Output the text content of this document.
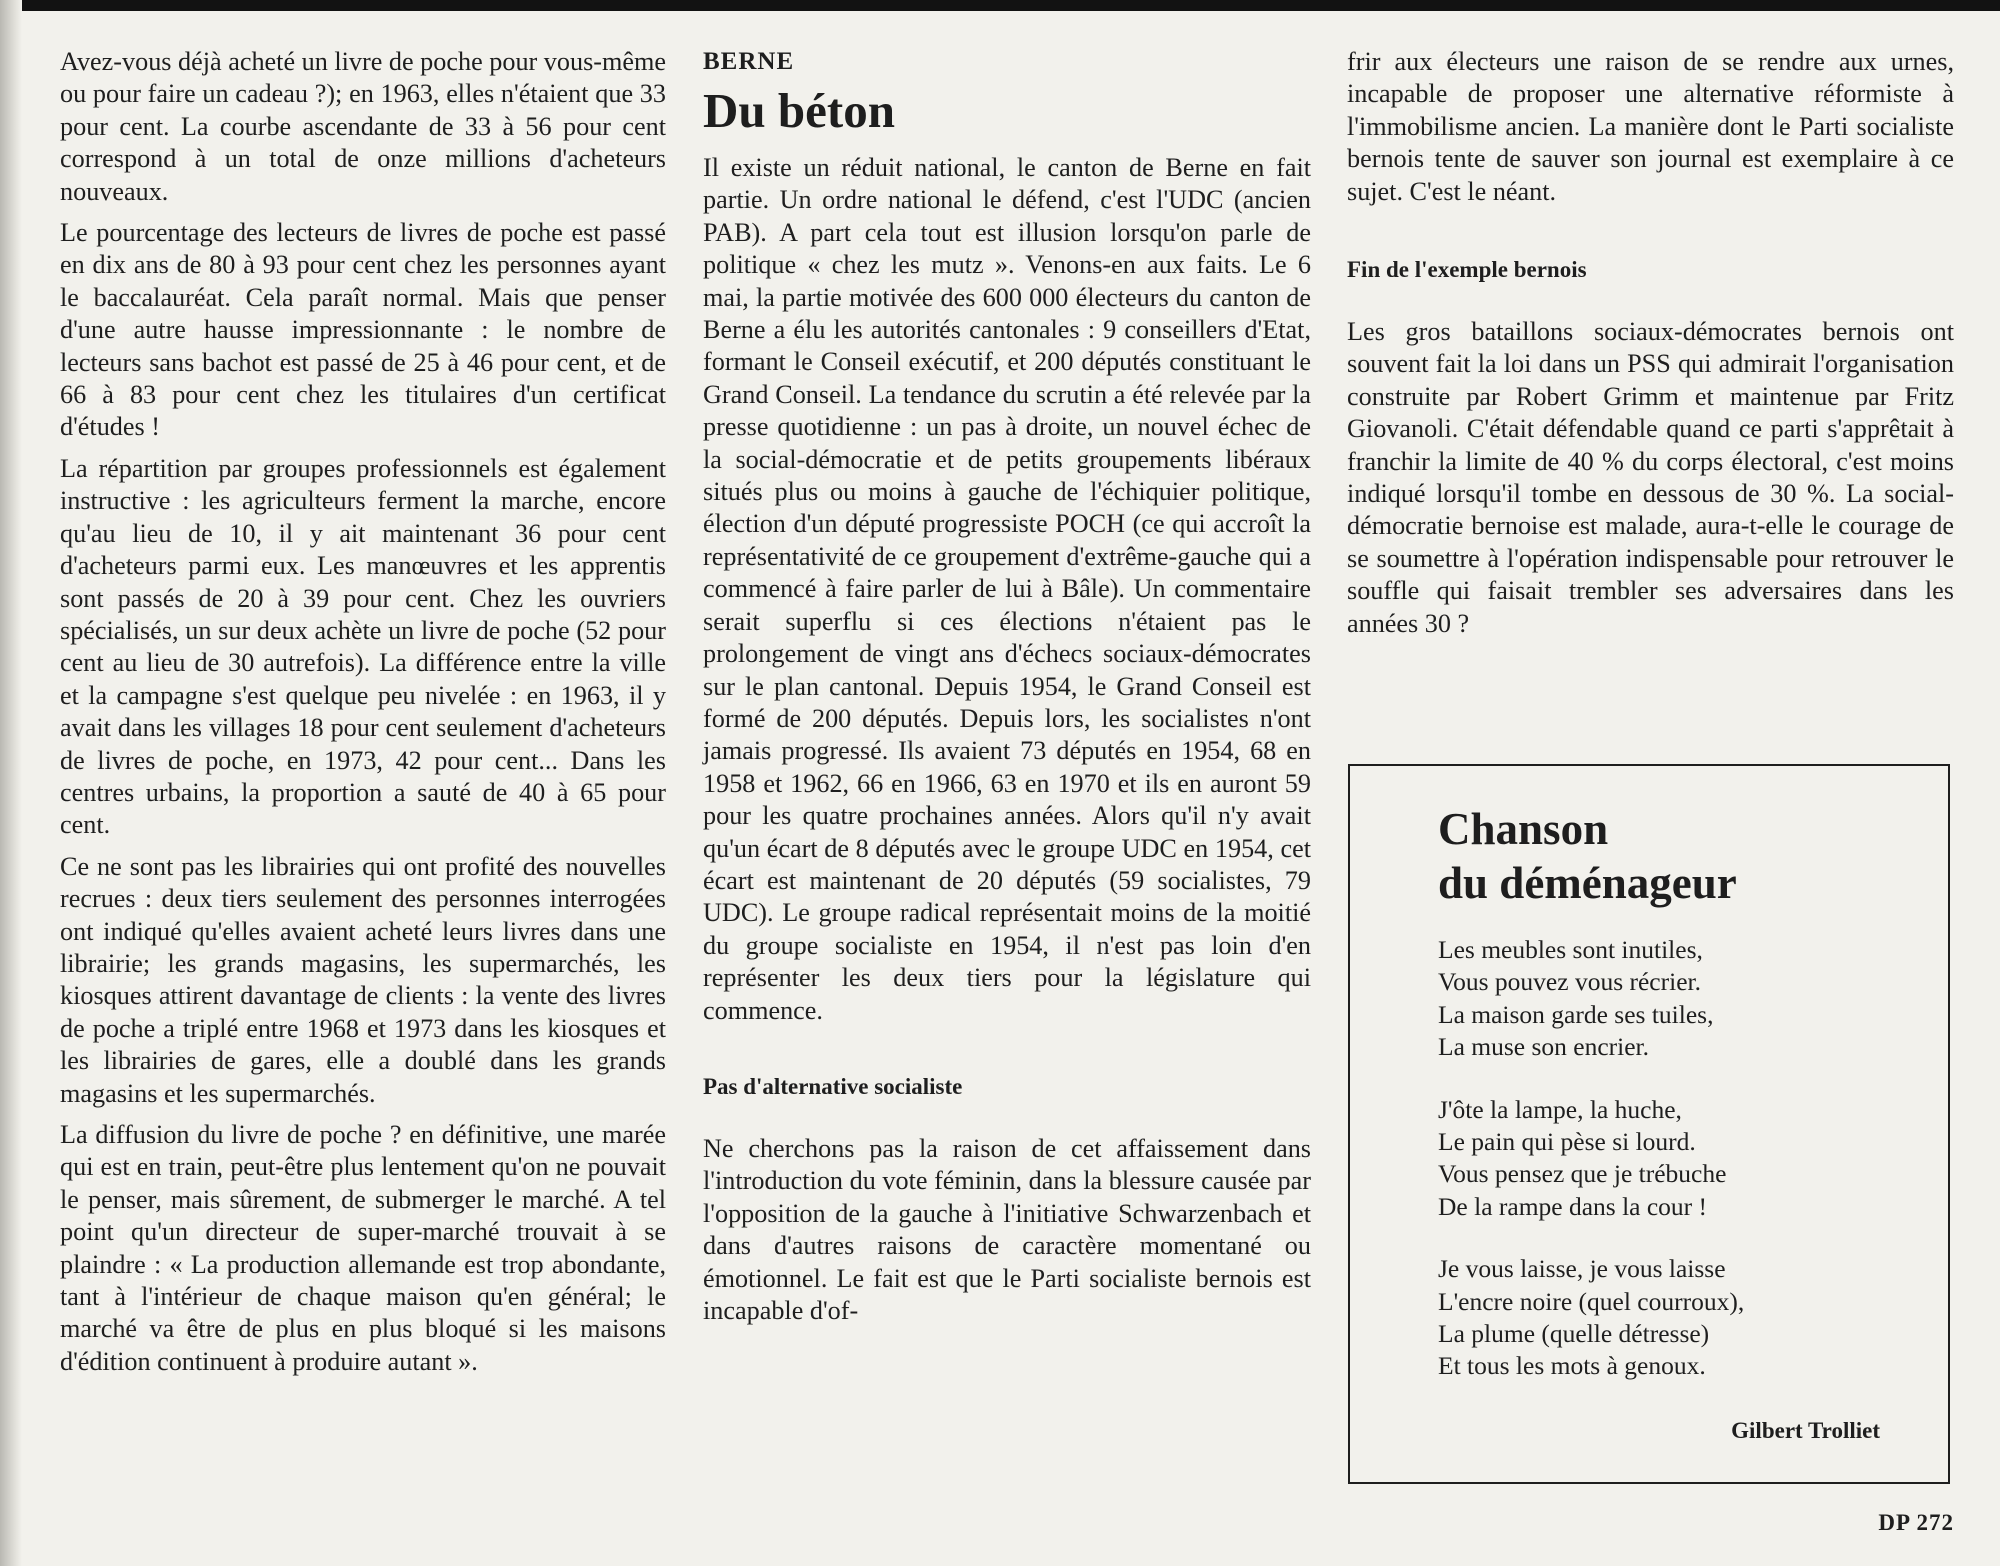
Avez-vous déjà acheté un livre de poche pour vous-même ou pour faire un cadeau ?); en 1963, elles n'étaient que 33 pour cent. La courbe ascendante de 33 à 56 pour cent correspond à un total de onze millions d'acheteurs nouveaux.

Le pourcentage des lecteurs de livres de poche est passé en dix ans de 80 à 93 pour cent chez les personnes ayant le baccalauréat. Cela paraît normal. Mais que penser d'une autre hausse impressionnante : le nombre de lecteurs sans bachot est passé de 25 à 46 pour cent, et de 66 à 83 pour cent chez les titulaires d'un certificat d'études !

La répartition par groupes professionnels est également instructive : les agriculteurs ferment la marche, encore qu'au lieu de 10, il y ait maintenant 36 pour cent d'acheteurs parmi eux. Les manœuvres et les apprentis sont passés de 20 à 39 pour cent. Chez les ouvriers spécialisés, un sur deux achète un livre de poche (52 pour cent au lieu de 30 autrefois). La différence entre la ville et la campagne s'est quelque peu nivelée : en 1963, il y avait dans les villages 18 pour cent seulement d'acheteurs de livres de poche, en 1973, 42 pour cent... Dans les centres urbains, la proportion a sauté de 40 à 65 pour cent.

Ce ne sont pas les librairies qui ont profité des nouvelles recrues : deux tiers seulement des personnes interrogées ont indiqué qu'elles avaient acheté leurs livres dans une librairie; les grands magasins, les supermarchés, les kiosques attirent davantage de clients : la vente des livres de poche a triplé entre 1968 et 1973 dans les kiosques et les librairies de gares, elle a doublé dans les grands magasins et les supermarchés.

La diffusion du livre de poche ? en définitive, une marée qui est en train, peut-être plus lentement qu'on ne pouvait le penser, mais sûrement, de submerger le marché. A tel point qu'un directeur de super-marché trouvait à se plaindre : « La production allemande est trop abondante, tant à l'intérieur de chaque maison qu'en général; le marché va être de plus en plus bloqué si les maisons d'édition continuent à produire autant ».

BERNE
Du béton

Il existe un réduit national, le canton de Berne en fait partie. Un ordre national le défend, c'est l'UDC (ancien PAB). A part cela tout est illusion lorsqu'on parle de politique « chez les mutz ». Venons-en aux faits. Le 6 mai, la partie motivée des 600 000 électeurs du canton de Berne a élu les autorités cantonales : 9 conseillers d'Etat, formant le Conseil exécutif, et 200 députés constituant le Grand Conseil. La tendance du scrutin a été relevée par la presse quotidienne : un pas à droite, un nouvel échec de la social-démocratie et de petits groupements libéraux situés plus ou moins à gauche de l'échiquier politique, élection d'un député progressiste POCH (ce qui accroît la représentativité de ce groupement d'extrême-gauche qui a commencé à faire parler de lui à Bâle). Un commentaire serait superflu si ces élections n'étaient pas le prolongement de vingt ans d'échecs sociaux-démocrates sur le plan cantonal. Depuis 1954, le Grand Conseil est formé de 200 députés. Depuis lors, les socialistes n'ont jamais progressé. Ils avaient 73 députés en 1954, 68 en 1958 et 1962, 66 en 1966, 63 en 1970 et ils en auront 59 pour les quatre prochaines années. Alors qu'il n'y avait qu'un écart de 8 députés avec le groupe UDC en 1954, cet écart est maintenant de 20 députés (59 socialistes, 79 UDC). Le groupe radical représentait moins de la moitié du groupe socialiste en 1954, il n'est pas loin d'en représenter les deux tiers pour la législature qui commence.

Pas d'alternative socialiste

Ne cherchons pas la raison de cet affaissement dans l'introduction du vote féminin, dans la blessure causée par l'opposition de la gauche à l'initiative Schwarzenbach et dans d'autres raisons de caractère momentané ou émotionnel. Le fait est que le Parti socialiste bernois est incapable d'of-

frir aux électeurs une raison de se rendre aux urnes, incapable de proposer une alternative réformiste à l'immobilisme ancien. La manière dont le Parti socialiste bernois tente de sauver son journal est exemplaire à ce sujet. C'est le néant.

Fin de l'exemple bernois

Les gros bataillons sociaux-démocrates bernois ont souvent fait la loi dans un PSS qui admirait l'organisation construite par Robert Grimm et maintenue par Fritz Giovanoli. C'était défendable quand ce parti s'apprêtait à franchir la limite de 40 % du corps électoral, c'est moins indiqué lorsqu'il tombe en dessous de 30 %. La social-démocratie bernoise est malade, aura-t-elle le courage de se soumettre à l'opération indispensable pour retrouver le souffle qui faisait trembler ses adversaires dans les années 30 ?

Chanson
du déménageur
Les meubles sont inutiles,
Vous pouvez vous récrier.
La maison garde ses tuiles,
La muse son encrier.
J'ôte la lampe, la huche,
Le pain qui pèse si lourd.
Vous pensez que je trébuche
De la rampe dans la cour !
Je vous laisse, je vous laisse
L'encre noire (quel courroux),
La plume (quelle détresse)
Et tous les mots à genoux.
Gilbert Trolliet
DP 272
